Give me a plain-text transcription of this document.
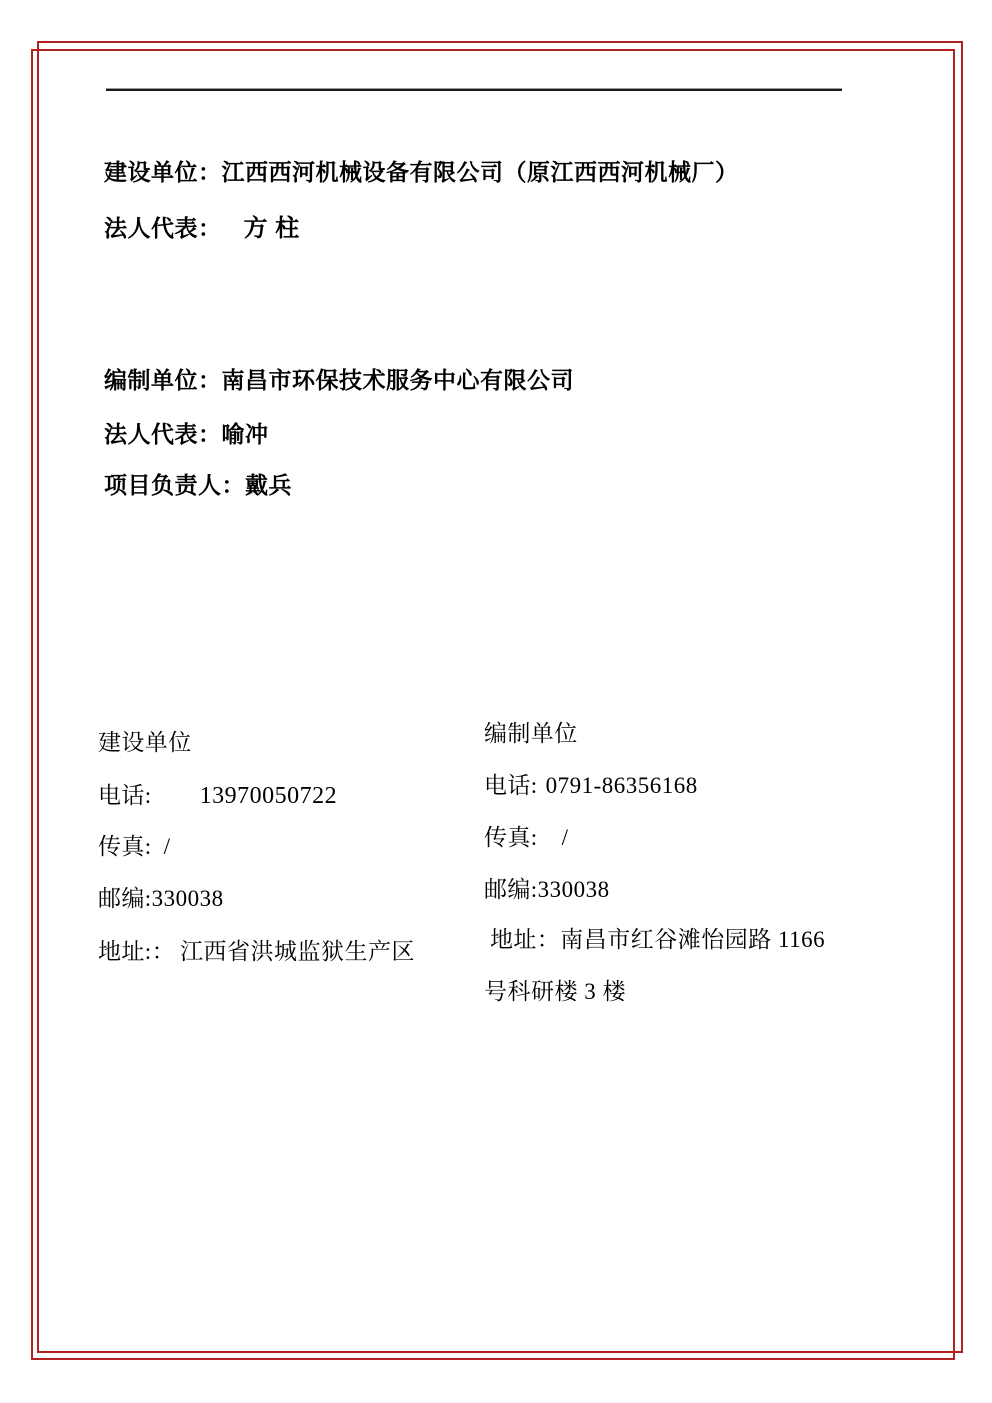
建设单位：江西西河机械设备有限公司（原江西西河机械厂）
法人代表： 方 柱
编制单位：南昌市环保技术服务中心有限公司
法人代表：喻冲
项目负责人：戴兵
建设单位
电话: 13970050722
传真: /
邮编:330038
地址:： 江西省洪城监狱生产区
编制单位
电话: 0791-86356168
传真: /
邮编:330038
地址：南昌市红谷滩怡园路 1166
号科研楼 3 楼
